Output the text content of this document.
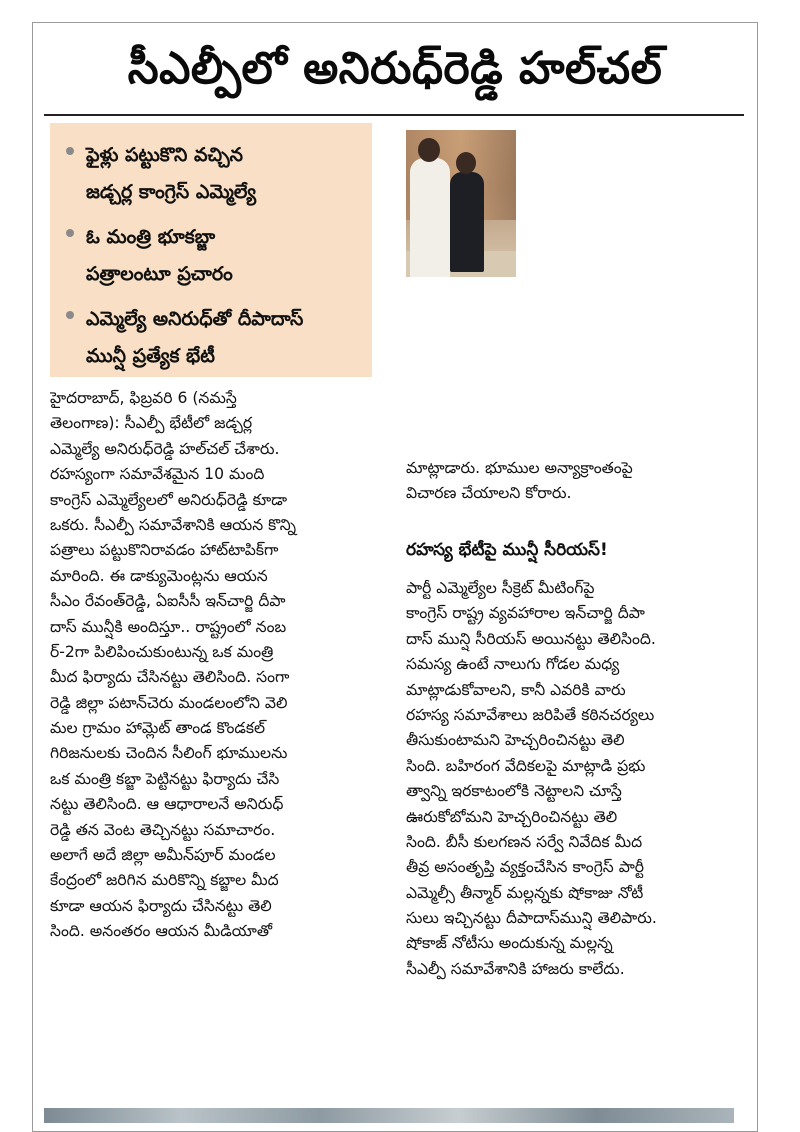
సీఎల్పీలో అనిరుధ్‌రెడ్డి హల్‌చల్‌
ఫైళ్లు పట్టుకొని వచ్చిన
జడ్చర్ల కాంగ్రెస్‌ ఎమ్మెల్యే
ఓ మంత్రి భూకబ్జా
పత్రాలంటూ ప్రచారం
ఎమ్మెల్యే అనిరుధ్‌తో దీపాదాస్‌
మున్షీ ప్రత్యేక భేటీ
హైదరాబాద్‌, ఫిబ్రవరి 6 (నమస్తే
తెలంగాణ): సీఎల్పీ భేటీలో జడ్చర్ల
ఎమ్మెల్యే అనిరుధ్‌రెడ్డి హల్‌చల్‌ చేశారు.
రహస్యంగా సమావేశమైన 10 మంది
కాంగ్రెస్‌ ఎమ్మెల్యేలలో అనిరుధ్‌రెడ్డి కూడా
ఒకరు. సీఎల్పీ సమావేశానికి ఆయన కొన్ని
పత్రాలు పట్టుకొనిరావడం హాట్‌టాపిక్‌గా
మారింది. ఈ డాక్యుమెంట్లను ఆయన
సీఎం రేవంత్‌రెడ్డి, ఏఐసీసీ ఇన్‌చార్జి దీపా
దాస్‌ మున్షీకి అందిస్తూ.. రాష్ట్రంలో నంబ
ర్‌-2గా పిలిపించుకుంటున్న ఒక మంత్రి
మీద ఫిర్యాదు చేసినట్టు తెలిసింది. సంగా
రెడ్డి జిల్లా పటాన్‌చెరు మండలంలోని వెలి
మల గ్రామం హామ్లెట్‌ తాండ కొండకల్‌
గిరిజనులకు చెందిన సీలింగ్‌ భూములను
ఒక మంత్రి కబ్జా పెట్టినట్టు ఫిర్యాదు చేసి
నట్టు తెలిసింది. ఆ ఆధారాలనే అనిరుధ్‌
రెడ్డి తన వెంట తెచ్చినట్టు సమాచారం.
అలాగే అదే జిల్లా అమీన్‌పూర్‌ మండల
కేంద్రంలో జరిగిన మరికొన్ని కబ్జాల మీద
కూడా ఆయన ఫిర్యాదు చేసినట్టు తెలి
సింది. అనంతరం ఆయన మీడియాతో
మాట్లాడారు. భూముల అన్యాక్రాంతంపై
విచారణ చేయాలని కోరారు.
రహస్య భేటీపై మున్షీ సీరియస్‌!
పార్టీ ఎమ్మెల్యేల సీక్రెట్‌ మీటింగ్‌పై
కాంగ్రెస్‌ రాష్ట్ర వ్యవహారాల ఇన్‌చార్జి దీపా
దాస్‌ మున్షి సీరియస్‌ అయినట్టు తెలిసింది.
సమస్య ఉంటే నాలుగు గోడల మధ్య
మాట్లాడుకోవాలని, కానీ ఎవరికి వారు
రహస్య సమావేశాలు జరిపితే కఠినచర్యలు
తీసుకుంటామని హెచ్చరించినట్టు తెలి
సింది. బహిరంగ వేదికలపై మాట్లాడి ప్రభు
త్వాన్ని ఇరకాటంలోకి నెట్టాలని చూస్తే
ఊరుకోబోమని హెచ్చరించినట్టు తెలి
సింది. బీసీ కులగణన సర్వే నివేదిక మీద
తీవ్ర అసంతృప్తి వ్యక్తంచేసిన కాంగ్రెస్‌ పార్టీ
ఎమ్మెల్సీ తీన్మార్‌ మల్లన్నకు షోకాజు నోటీ
సులు ఇచ్చినట్టు దీపాదాస్‌మున్షి తెలిపారు.
షోకాజ్‌ నోటీసు అందుకున్న మల్లన్న
సీఎల్పీ సమావేశానికి హాజరు కాలేదు.
